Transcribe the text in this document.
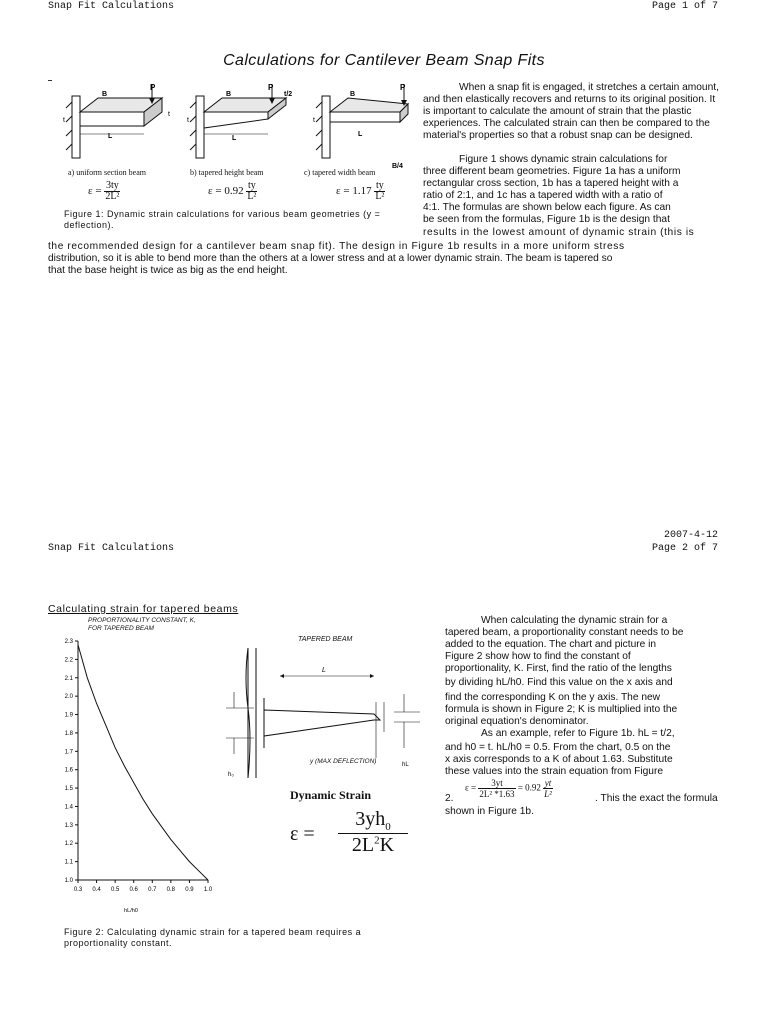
Snap Fit Calculations	Page 1 of 7
Calculations for Cantilever Beam Snap Fits
P
B
L
t
t
P
t/2
B
L
t
P
B
L
B/4
t
a) uniform section beam	b) tapered height beam	c) tapered width beam
$\varepsilon = \frac{3ty}{\text{2L²}}$	$\varepsilon = 0.92 \frac{ty}{\text{L²}}$	$\varepsilon = 1.17 \frac{ty}{\text{L²}}$
Figure 1: Dynamic strain calculations for various beam geometries (y = deflection).

When a snap fit is engaged, it stretches a certain amount, and then elastically recovers and returns to its original position. It is important to calculate the amount of strain that the plastic experiences. The calculated strain can then be compared to the material's properties so that a robust snap can be designed.

Figure 1 shows dynamic strain calculations for

three different beam geometries. Figure 1a has a uniform

rectangular cross section, 1b has a tapered height with a

ratio of 2:1, and 1c has a tapered width with a ratio of

4:1. The formulas are shown below each figure. As can

be seen from the formulas, Figure 1b is the design that

results in the lowest amount of dynamic strain (this is

the recommended design for a cantilever beam snap fit). The design in Figure 1b results in a more uniform stress

distribution, so it is able to bend more than the others at a lower stress and at a lower dynamic strain. The beam is tapered so

that the base height is twice as big as the end height.

2007-4-12
Snap Fit Calculations	Page 2 of 7
Calculating strain for tapered beams
PROPORTIONALITY CONSTANT, K,
FOR TAPERED BEAM
1.0
1.1
1.2
1.3
1.4
1.5
1.6
1.7
1.8
1.9
2.0
2.1
2.2
2.3
0.3 0.4 0.5 0.6 0.7 0.8 0.9 1.0
hL/h0
TAPERED BEAM
L
h₀
hL
y (MAX DEFLECTION)
Dynamic Strain
ε =
$3yh_0$
$2L^2K$
Figure 2: Calculating dynamic strain for a tapered beam requires a proportionality constant.

When calculating the dynamic strain for a

tapered beam, a proportionality constant needs to be

added to the equation. The chart and picture in

Figure 2 show how to find the constant of

proportionality, K. First, find the ratio of the lengths

by dividing hL/h0. Find this value on the x axis and

find the corresponding K on the y axis. The new

formula is shown in Figure 2; K is multiplied into the

original equation's denominator.

As an example, refer to Figure 1b. hL = t/2,

and h0 = t. hL/h0 = 0.5. From the chart, 0.5 on the

x axis corresponds to a K of about 1.63. Substitute

these values into the strain equation from Figure

$\varepsilon = \frac{3yt}{\text{2L² *1.63}} = 0.92 \frac{yt}{\text{L²}}$
2.	. This the exact the formula

shown in Figure 1b.
